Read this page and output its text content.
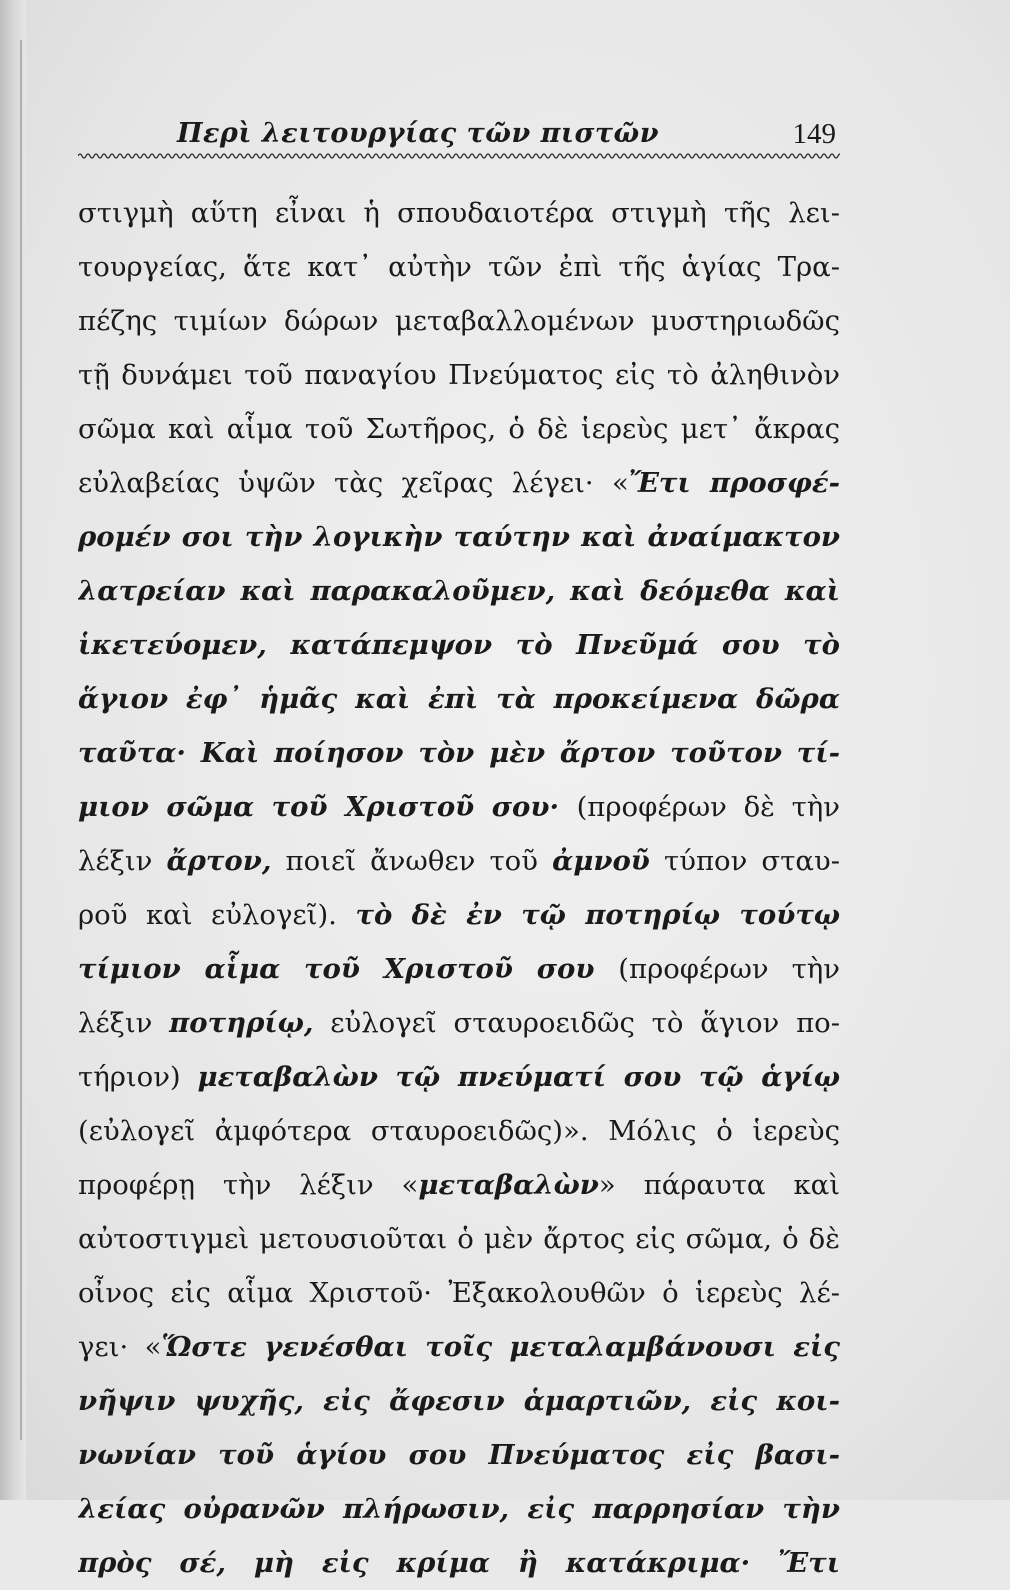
Περὶ λειτουργίας τῶν πιστῶν	149
στιγμὴ αὕτη εἶναι ἡ σπουδαιοτέρα στιγμὴ τῆς λει-
τουργείας, ἅτε κατ᾽ αὐτὴν τῶν ἐπὶ τῆς ἁγίας Τρα-
πέζης τιμίων δώρων μεταβαλλομένων μυστηριωδῶς
τῇ δυνάμει τοῦ παναγίου Πνεύματος εἰς τὸ ἀληθινὸν
σῶμα καὶ αἷμα τοῦ Σωτῆρος, ὁ δὲ ἱερεὺς μετ᾽ ἄκρας
εὐλαβείας ὑψῶν τὰς χεῖρας λέγει· «Ἔτι προσφέ-
ρομέν σοι τὴν λογικὴν ταύτην καὶ ἀναίμακτον
λατρείαν καὶ παρακαλοῦμεν, καὶ δεόμεθα καὶ
ἱκετεύομεν, κατάπεμψον τὸ Πνεῦμά σου τὸ
ἅγιον ἐφ᾽ ἡμᾶς καὶ ἐπὶ τὰ προκείμενα δῶρα
ταῦτα· Καὶ ποίησον τὸν μὲν ἄρτον τοῦτον τί-
μιον σῶμα τοῦ Χριστοῦ σου· (προφέρων δὲ τὴν
λέξιν ἄρτον, ποιεῖ ἄνωθεν τοῦ ἀμνοῦ τύπον σταυ-
ροῦ καὶ εὐλογεῖ). τὸ δὲ ἐν τῷ ποτηρίῳ τούτῳ
τίμιον αἷμα τοῦ Χριστοῦ σου (προφέρων τὴν
λέξιν ποτηρίῳ, εὐλογεῖ σταυροειδῶς τὸ ἅγιον πο-
τήριον) μεταβαλὼν τῷ πνεύματί σου τῷ ἁγίῳ
(εὐλογεῖ ἀμφότερα σταυροειδῶς)». Μόλις ὁ ἱερεὺς
προφέρῃ τὴν λέξιν «μεταβαλὼν» πάραυτα καὶ
αὐτοστιγμεὶ μετουσιοῦται ὁ μὲν ἄρτος εἰς σῶμα, ὁ δὲ
οἶνος εἰς αἷμα Χριστοῦ· Ἐξακολουθῶν ὁ ἱερεὺς λέ-
γει· «Ὥστε γενέσθαι τοῖς μεταλαμβάνουσι εἰς
νῆψιν ψυχῆς, εἰς ἄφεσιν ἁμαρτιῶν, εἰς κοι-
νωνίαν τοῦ ἁγίου σου Πνεύματος εἰς βασι-
λείας οὐρανῶν πλήρωσιν, εἰς παρρησίαν τὴν
πρὸς σέ, μὴ εἰς κρίμα ἢ κατάκριμα· Ἔτι
